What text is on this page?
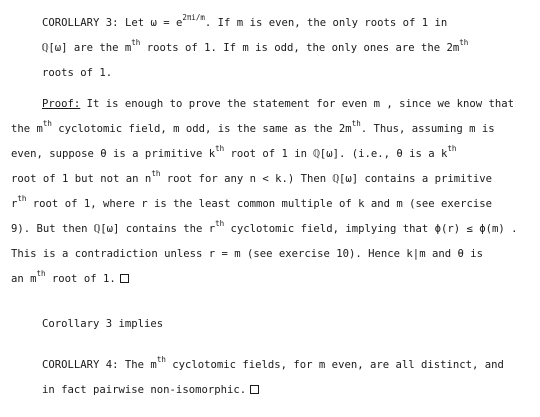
COROLLARY 3: Let $\omega = e^{2\pi i/m}$. If m is even, the only roots of 1 in
ℚ[ω] are the $m^{th}$ roots of 1. If m is odd, the only ones are the $2m^{th}$
roots of 1.
Proof: It is enough to prove the statement for even m , since we know that
the $m^{th}$ cyclotomic field, m odd, is the same as the $2m^{th}$. Thus, assuming m is
even, suppose θ is a primitive $k^{th}$ root of 1 in ℚ[ω]. (i.e., θ is a $k^{th}$
root of 1 but not an $n^{th}$ root for any n < k.) Then ℚ[ω] contains a primitive
$r^{th}$ root of 1, where r is the least common multiple of k and m (see exercise
9). But then ℚ[ω] contains the $r^{th}$ cyclotomic field, implying that ϕ(r) ≤ ϕ(m) .
This is a contradiction unless r = m (see exercise 10). Hence k|m and θ is
an $m^{th}$ root of 1.
Corollary 3 implies
COROLLARY 4: The $m^{th}$ cyclotomic fields, for m even, are all distinct, and
in fact pairwise non-isomorphic.
